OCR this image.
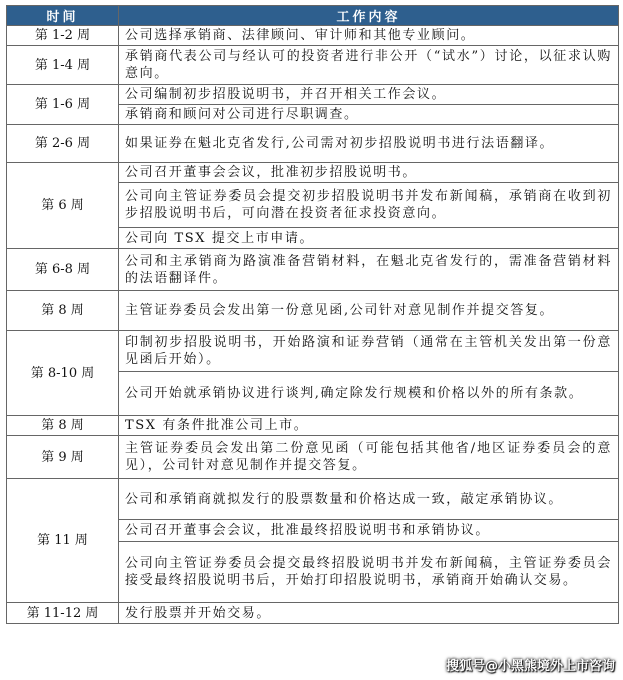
时间	工作内容
第 1-2 周	公司选择承销商、法律顾问、审计师和其他专业顾问。
第 1-4 周	承销商代表公司与经认可的投资者进行非公开（“试水”）讨论，以征求认购意向。
第 1-6 周	公司编制初步招股说明书，并召开相关工作会议。
	承销商和顾问对公司进行尽职调查。
第 2-6 周	如果证券在魁北克省发行,公司需对初步招股说明书进行法语翻译。
第 6 周	公司召开董事会会议，批准初步招股说明书。
	公司向主管证券委员会提交初步招股说明书并发布新闻稿，承销商在收到初步招股说明书后，可向潜在投资者征求投资意向。
	公司向 TSX 提交上市申请。
第 6-8 周	公司和主承销商为路演准备营销材料，在魁北克省发行的，需准备营销材料的法语翻译件。
第 8 周	主管证券委员会发出第一份意见函,公司针对意见制作并提交答复。
第 8-10 周	印制初步招股说明书，开始路演和证券营销（通常在主管机关发出第一份意见函后开始）。
	公司开始就承销协议进行谈判,确定除发行规模和价格以外的所有条款。
第 8 周	TSX 有条件批准公司上市。
第 9 周	主管证券委员会发出第二份意见函（可能包括其他省/地区证券委员会的意见），公司针对意见制作并提交答复。
第 11 周	公司和承销商就拟发行的股票数量和价格达成一致，敲定承销协议。
	公司召开董事会会议，批准最终招股说明书和承销协议。
	公司向主管证券委员会提交最终招股说明书并发布新闻稿，主管证券委员会接受最终招股说明书后，开始打印招股说明书，承销商开始确认交易。
第 11-12 周	发行股票并开始交易。
搜狐号@小黑熊境外上市咨询
